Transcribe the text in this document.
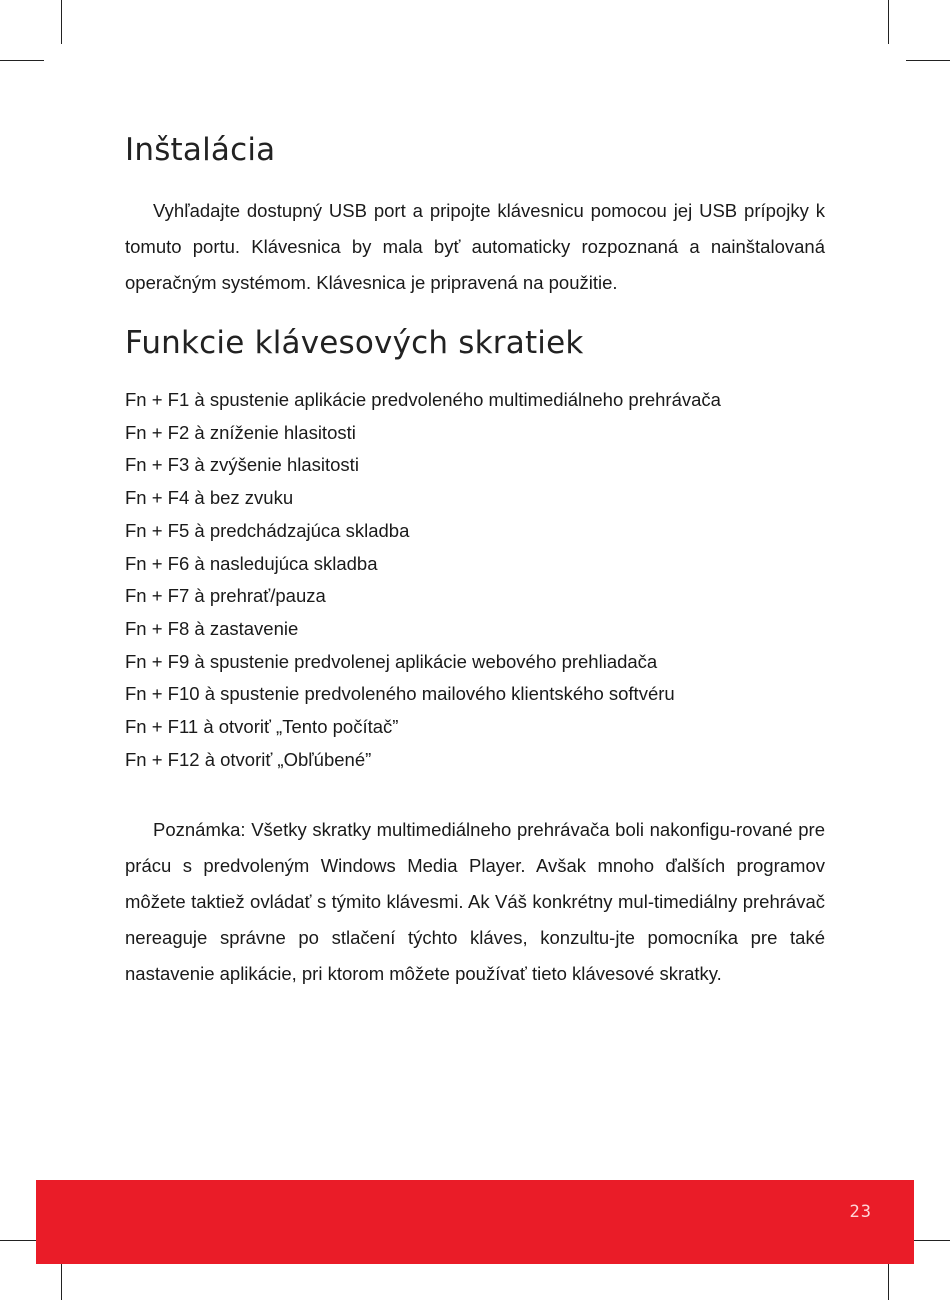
Inštalácia

Vyhľadajte dostupný USB port a pripojte klávesnicu pomocou jej USB prípojky k tomuto portu. Klávesnica by mala byť automaticky rozpoznaná a nainštalovaná operačným systémom. Klávesnica je pripravená na použitie.

Funkcie klávesových skratiek
Fn + F1 à spustenie aplikácie predvoleného multimediálneho prehrávača
Fn + F2 à zníženie hlasitosti
Fn + F3 à zvýšenie hlasitosti
Fn + F4 à bez zvuku
Fn + F5 à predchádzajúca skladba
Fn + F6 à nasledujúca skladba
Fn + F7 à prehrať/pauza
Fn + F8 à zastavenie
Fn + F9 à spustenie predvolenej aplikácie webového prehliadača
Fn + F10 à spustenie predvoleného mailového klientského softvéru
Fn + F11 à otvoriť „Tento počítač”
Fn + F12 à otvoriť „Obľúbené”

Poznámka: Všetky skratky multimediálneho prehrávača boli nakonfigu-rované pre prácu s predvoleným Windows Media Player. Avšak mnoho ďalších programov môžete taktiež ovládať s týmito klávesmi. Ak Váš konkrétny mul-timediálny prehrávač nereaguje správne po stlačení týchto kláves, konzultu-jte pomocníka pre také nastavenie aplikácie, pri ktorom môžete používať tieto klávesové skratky.

23
